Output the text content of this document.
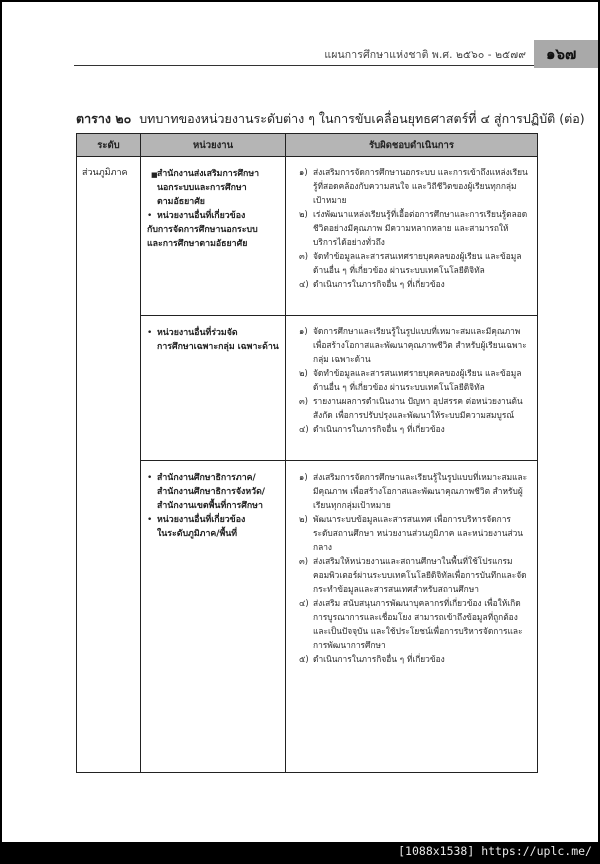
แผนการศึกษาแห่งชาติ พ.ศ. ๒๕๖๐ - ๒๕๗๙	๑๖๗
ตาราง ๒๐ บทบาทของหน่วยงานระดับต่าง ๆ ในการขับเคลื่อนยุทธศาสตร์ที่ ๔ สู่การปฏิบัติ (ต่อ)
ระดับ	หน่วยงาน	รับผิดชอบดำเนินการ
ส่วนภูมิภาค	■ สำนักงานส่งเสริมการศึกษา
นอกระบบและการศึกษา
ตามอัธยาศัย
• หน่วยงานอื่นที่เกี่ยวข้อง
กับการจัดการศึกษานอกระบบ
และการศึกษาตามอัธยาศัย
๑) ส่งเสริมการจัดการศึกษานอกระบบ และการเข้าถึงแหล่งเรียนรู้ที่สอดคล้องกับความสนใจ และวิถีชีวิตของผู้เรียนทุกกลุ่มเป้าหมาย
๒) เร่งพัฒนาแหล่งเรียนรู้ที่เอื้อต่อการศึกษาและการเรียนรู้ตลอดชีวิตอย่างมีคุณภาพ มีความหลากหลาย และสามารถให้บริการได้อย่างทั่วถึง
๓) จัดทำข้อมูลและสารสนเทศรายบุคคลของผู้เรียน และข้อมูลด้านอื่น ๆ ที่เกี่ยวข้อง ผ่านระบบเทคโนโลยีดิจิทัล
๔) ดำเนินการในภารกิจอื่น ๆ ที่เกี่ยวข้อง
• หน่วยงานอื่นที่ร่วมจัด
การศึกษาเฉพาะกลุ่ม เฉพาะด้าน
๑) จัดการศึกษาและเรียนรู้ในรูปแบบที่เหมาะสมและมีคุณภาพ เพื่อสร้างโอกาสและพัฒนาคุณภาพชีวิต สำหรับผู้เรียนเฉพาะกลุ่ม เฉพาะด้าน
๒) จัดทำข้อมูลและสารสนเทศรายบุคคลของผู้เรียน และข้อมูลด้านอื่น ๆ ที่เกี่ยวข้อง ผ่านระบบเทคโนโลยีดิจิทัล
๓) รายงานผลการดำเนินงาน ปัญหา อุปสรรค ต่อหน่วยงานต้นสังกัด เพื่อการปรับปรุงและพัฒนาให้ระบบมีความสมบูรณ์
๔) ดำเนินการในภารกิจอื่น ๆ ที่เกี่ยวข้อง
• สำนักงานศึกษาธิการภาค/
สำนักงานศึกษาธิการจังหวัด/
สำนักงานเขตพื้นที่การศึกษา
• หน่วยงานอื่นที่เกี่ยวข้อง
ในระดับภูมิภาค/พื้นที่
๑) ส่งเสริมการจัดการศึกษาและเรียนรู้ในรูปแบบที่เหมาะสมและมีคุณภาพ เพื่อสร้างโอกาสและพัฒนาคุณภาพชีวิต สำหรับผู้เรียนทุกกลุ่มเป้าหมาย
๒) พัฒนาระบบข้อมูลและสารสนเทศ เพื่อการบริหารจัดการระดับสถานศึกษา หน่วยงานส่วนภูมิภาค และหน่วยงานส่วนกลาง
๓) ส่งเสริมให้หน่วยงานและสถานศึกษาในพื้นที่ใช้โปรแกรมคอมพิวเตอร์ผ่านระบบเทคโนโลยีดิจิทัลเพื่อการบันทึกและจัดกระทำข้อมูลและสารสนเทศสำหรับสถานศึกษา
๔) ส่งเสริม สนับสนุนการพัฒนาบุคลากรที่เกี่ยวข้อง เพื่อให้เกิดการบูรณาการและเชื่อมโยง สามารถเข้าถึงข้อมูลที่ถูกต้องและเป็นปัจจุบัน และใช้ประโยชน์เพื่อการบริหารจัดการและการพัฒนาการศึกษา
๕) ดำเนินการในภารกิจอื่น ๆ ที่เกี่ยวข้อง
[1088x1538] https://uplc.me/
